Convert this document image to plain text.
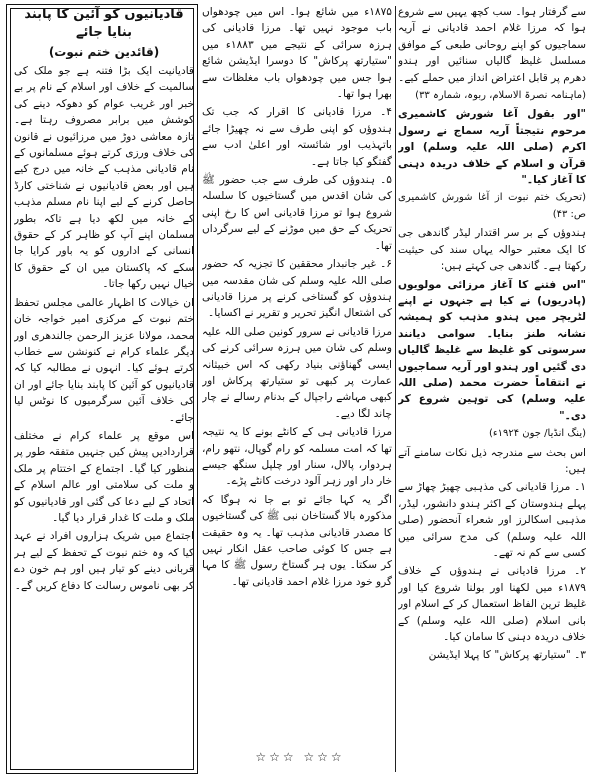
سے گرفتار ہوا۔ سب کچھ یہیں سے شروع ہوا کہ مرزا غلام احمد قادیانی نے آریہ سماجیوں کو اپنے روحانی طبعی کے موافق مسلسل غلیظ گالیاں سنائیں اور ہندو دھرم پر قابل اعتراض انداز میں حملے کیے۔

(ماہنامہ نصرۃ الاسلام، ربوہ، شمارہ ۳۳)

"اور بقول آغا شورش کاشمیری مرحوم نتیجتاً آریہ سماج نے رسول اکرم (صلی اللہ علیہ وسلم) اور قرآن و اسلام کے خلاف دریدہ دہنی کا آغاز کیا۔"

(تحریک ختم نبوت از آغا شورش کاشمیری ص: ۴۳)

ہندوؤں کے بر سر اقتدار لیڈر گاندھی جی کا ایک معتبر حوالہ یہاں سند کی حیثیت رکھتا ہے۔ گاندھی جی کہتے ہیں:

"اس فتنے کا آغاز مرزائی مولویوں (پادریوں) نے کیا ہے جنہوں نے اپنے لٹریچر میں ہندو مذہب کو ہمیشہ نشانہ طنز بنایا۔ سوامی دیانند سرسوتی کو غلیظ سے غلیظ گالیاں دی گئیں اور ہندو اور آریہ سماجیوں نے انتقاماً حضرت محمد (صلی اللہ علیہ وسلم) کی توہین شروع کر دی۔"

(ینگ انڈیا/ جون ۱۹۲۴ء)

اس بحث سے مندرجہ ذیل نکات سامنے آتے ہیں:

۱۔ مرزا قادیانی کی مذہبی چھیڑ چھاڑ سے پہلے ہندوستان کے اکثر ہندو دانشور، لیڈر، مذہبی اسکالرز اور شعراء آنحضور (صلی اللہ علیہ وسلم) کی مدح سرائی میں کسی سے کم نہ تھے۔

۲۔ مرزا قادیانی نے ہندوؤں کے خلاف ۱۸۷۹ء میں لکھنا اور بولنا شروع کیا اور غلیظ ترین الفاظ استعمال کر کے اسلام اور بانی اسلام (صلی اللہ علیہ وسلم) کے خلاف دریدہ دہنی کا سامان کیا۔

۳۔ "ستیارتھ پرکاش" کا پہلا ایڈیشن

۱۸۷۵ء میں شائع ہوا۔ اس میں چودھواں باب موجود نہیں تھا۔ مرزا قادیانی کی ہرزہ سرائی کے نتیجے میں ۱۸۸۳ء میں "ستیارتھ پرکاش" کا دوسرا ایڈیشن شائع ہوا جس میں چودھواں باب مغلظات سے بھرا ہوا تھا۔

۴۔ مرزا قادیانی کا اقرار کہ جب تک ہندوؤں کو اپنی طرف سے نہ چھیڑا جائے باتہذیب اور شائستہ اور اعلیٰ ادب سے گفتگو کیا جاتا ہے۔

۵۔ ہندوؤں کی طرف سے جب حضور ﷺ کی شان اقدس میں گستاخیوں کا سلسلہ شروع ہوا تو مرزا قادیانی اس کا رخ اپنی تحریک کے حق میں موڑنے کے لیے سرگرداں تھا۔

۶۔ غیر جانبدار محققین کا تجزیہ کہ حضور صلی اللہ علیہ وسلم کی شان مقدسہ میں ہندوؤں کو گستاخی کرنے پر مرزا قادیانی کی اشتعال انگیز تحریر و تقریر نے اکسایا۔

مرزا قادیانی نے سرور کونین صلی اللہ علیہ وسلم کی شان میں ہرزہ سرائی کرنے کی ایسی گھناؤنی بنیاد رکھی کہ اس خبیثانہ عمارت پر کبھی تو ستیارتھ پرکاش اور کبھی مہاشے راجپال کے بدنام رسالے نے چار چاند لگا دیے۔

مرزا قادیانی ہی کے کانٹے بونے کا یہ نتیجہ تھا کہ امت مسلمہ کو رام گوپال، نتھو رام، ہردوار، پالال، سنار اور چلپل سنگھ جیسے خار دار اور زہر آلود درخت کانٹے پڑے۔

اگر یہ کہا جائے تو بے جا نہ ہوگا کہ مذکورہ بالا گستاخان نبی ﷺ کی گستاخیوں کا مصدر قادیانی مذہب تھا۔ یہ وہ حقیقت ہے جس کا کوئی صاحب عقل انکار نہیں کر سکتا۔ یوں ہر گستاخ رسول ﷺ کا مہا گرو خود مرزا غلام احمد قادیانی تھا۔

☆☆☆ ☆☆☆

قادیانیوں کو آئین کا پابند بنایا جائے

(قائدین ختم نبوت)

قادیانیت ایک بڑا فتنہ ہے جو ملک کی سالمیت کے خلاف اور اسلام کے نام پر بے خبر اور غریب عوام کو دھوکہ دینے کی کوشش میں برابر مصروف رہتا ہے۔ تازہ معاشی دوڑ میں مرزائیوں نے قانون کی خلاف ورزی کرتے ہوئے مسلمانوں کے نام قادیانی مذہب کے خانہ میں درج کیے ہیں اور بعض قادیانیوں نے شناختی کارڈ حاصل کرنے کے لیے اپنا نام مسلم مذہب کے خانہ میں لکھ دیا ہے تاکہ بطور مسلمان اپنے آپ کو ظاہر کر کے حقوق انسانی کے اداروں کو یہ باور کرایا جا سکے کہ پاکستان میں ان کے حقوق کا خیال نہیں رکھا جاتا۔

ان خیالات کا اظہار عالمی مجلس تحفظ ختم نبوت کے مرکزی امیر خواجہ خان محمد، مولانا عزیز الرحمن جالندھری اور دیگر علماء کرام نے کنونشن سے خطاب کرتے ہوئے کیا۔ انہوں نے مطالبہ کیا کہ قادیانیوں کو آئین کا پابند بنایا جائے اور ان کی خلاف آئین سرگرمیوں کا نوٹس لیا جائے۔

اس موقع پر علماء کرام نے مختلف قراردادیں پیش کیں جنہیں متفقہ طور پر منظور کیا گیا۔ اجتماع کے اختتام پر ملک و ملت کی سلامتی اور عالم اسلام کے اتحاد کے لیے دعا کی گئی اور قادیانیوں کو ملک و ملت کا غدار قرار دیا گیا۔

اجتماع میں شریک ہزاروں افراد نے عہد کیا کہ وہ ختم نبوت کے تحفظ کے لیے ہر قربانی دینے کو تیار ہیں اور ہم خون دے کر بھی ناموس رسالت کا دفاع کریں گے۔
